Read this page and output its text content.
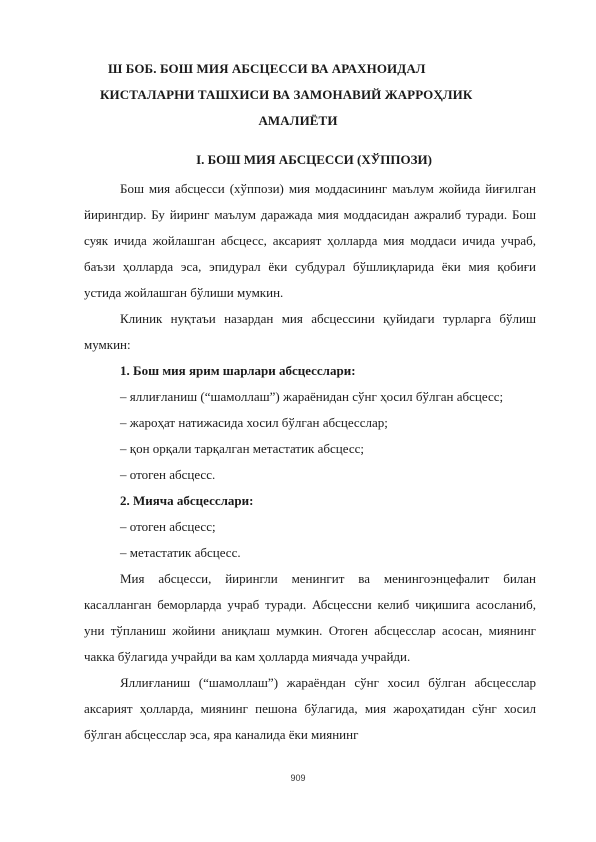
Ш БОБ. БОШ МИЯ АБСЦЕССИ ВА АРАХНОИДАЛ
КИСТАЛАРНИ ТАШХИСИ ВА ЗАМОНАВИЙ ЖАРРОҲЛИК
АМАЛИЁТИ
I. БОШ МИЯ АБСЦЕССИ (ХЎППОЗИ)

Бош мия абсцесси (хўппози) мия моддасининг маълум жойида йиғилган йирингдир. Бу йиринг маълум даражада мия моддасидан ажралиб туради. Бош суяк ичида жойлашган абсцесс, аксарият ҳолларда мия моддаси ичида учраб, баъзи ҳолларда эса, эпидурал ёки субдурал бўшлиқларида ёки мия қобиғи устида жойлашган бўлиши мумкин.

Клиник нуқтаъи назардан мия абсцессини қуйидаги турларга бўлиш мумкин:

1. Бош мия ярим шарлари абсцесслари:

– яллиғланиш (“шамоллаш”) жараёнидан сўнг ҳосил бўлган абсцесс;

– жароҳат натижасида хосил бўлган абсцесслар;

– қон орқали тарқалган метастатик абсцесс;

– отоген абсцесс.

2. Миячa абсцесслари:

– отоген абсцесс;

– метастатик абсцесс.

Мия абсцесси, йирингли менингит ва менингоэнцефалит билан касалланган беморларда учраб туради. Абсцессни келиб чиқишига асосланиб, уни тўпланиш жойини аниқлаш мумкин. Отоген абсцесслар асосан, миянинг чакка бўлагида учрайди ва кам ҳолларда миячада учрайди.

Яллиғланиш (“шамоллаш”) жараёндан сўнг хосил бўлган абсцесслар аксарият ҳолларда, миянинг пешона бўлагида, мия жароҳатидан сўнг хосил бўлган абсцесслар эса, яра каналида ёки миянинг

909
